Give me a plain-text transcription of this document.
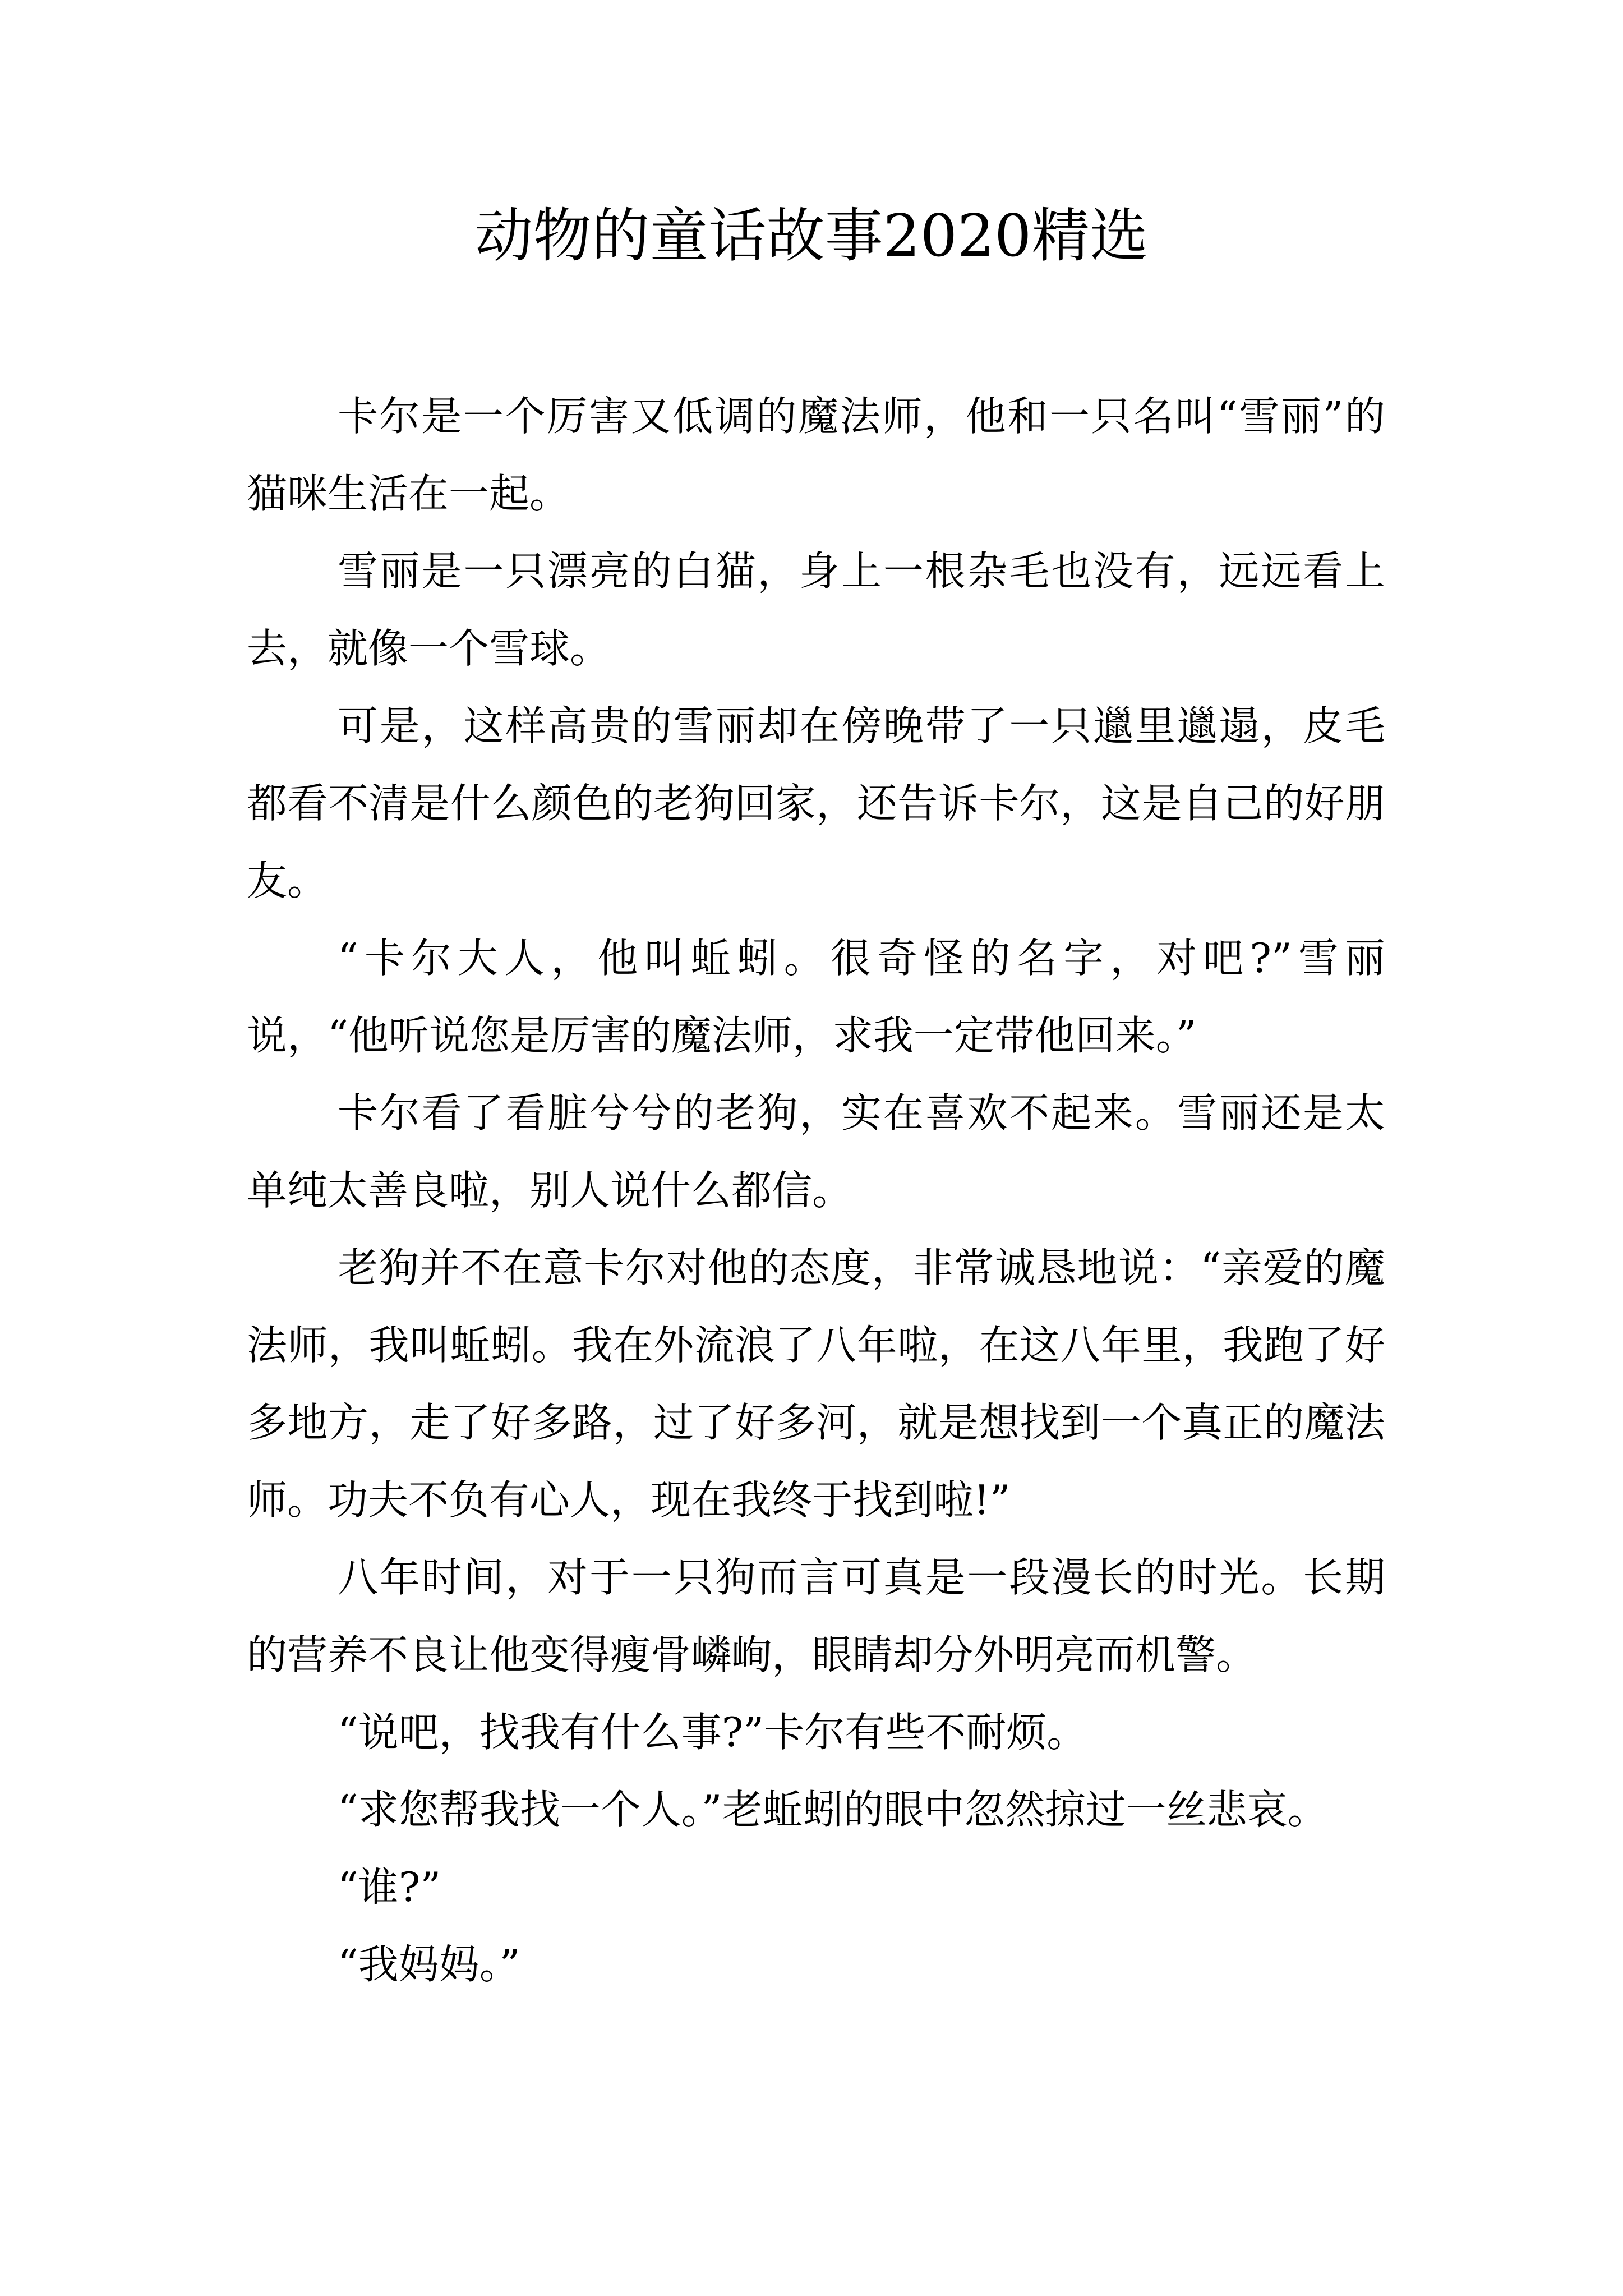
动物的童话故事2020精选

卡尔是一个厉害又低调的魔法师，他和一只名叫“雪丽”的猫咪生活在一起。

雪丽是一只漂亮的白猫，身上一根杂毛也没有，远远看上去，就像一个雪球。

可是，这样高贵的雪丽却在傍晚带了一只邋里邋遢，皮毛都看不清是什么颜色的老狗回家，还告诉卡尔，这是自己的好朋友。

“卡尔大人，他叫蚯蚓。很奇怪的名字，对吧?”雪丽说，“他听说您是厉害的魔法师，求我一定带他回来。”

卡尔看了看脏兮兮的老狗，实在喜欢不起来。雪丽还是太单纯太善良啦，别人说什么都信。

老狗并不在意卡尔对他的态度，非常诚恳地说：“亲爱的魔法师，我叫蚯蚓。我在外流浪了八年啦，在这八年里，我跑了好多地方，走了好多路，过了好多河，就是想找到一个真正的魔法师。功夫不负有心人，现在我终于找到啦!”

八年时间，对于一只狗而言可真是一段漫长的时光。长期的营养不良让他变得瘦骨嶙峋，眼睛却分外明亮而机警。

“说吧，找我有什么事?”卡尔有些不耐烦。

“求您帮我找一个人。”老蚯蚓的眼中忽然掠过一丝悲哀。

“谁?”

“我妈妈。”
